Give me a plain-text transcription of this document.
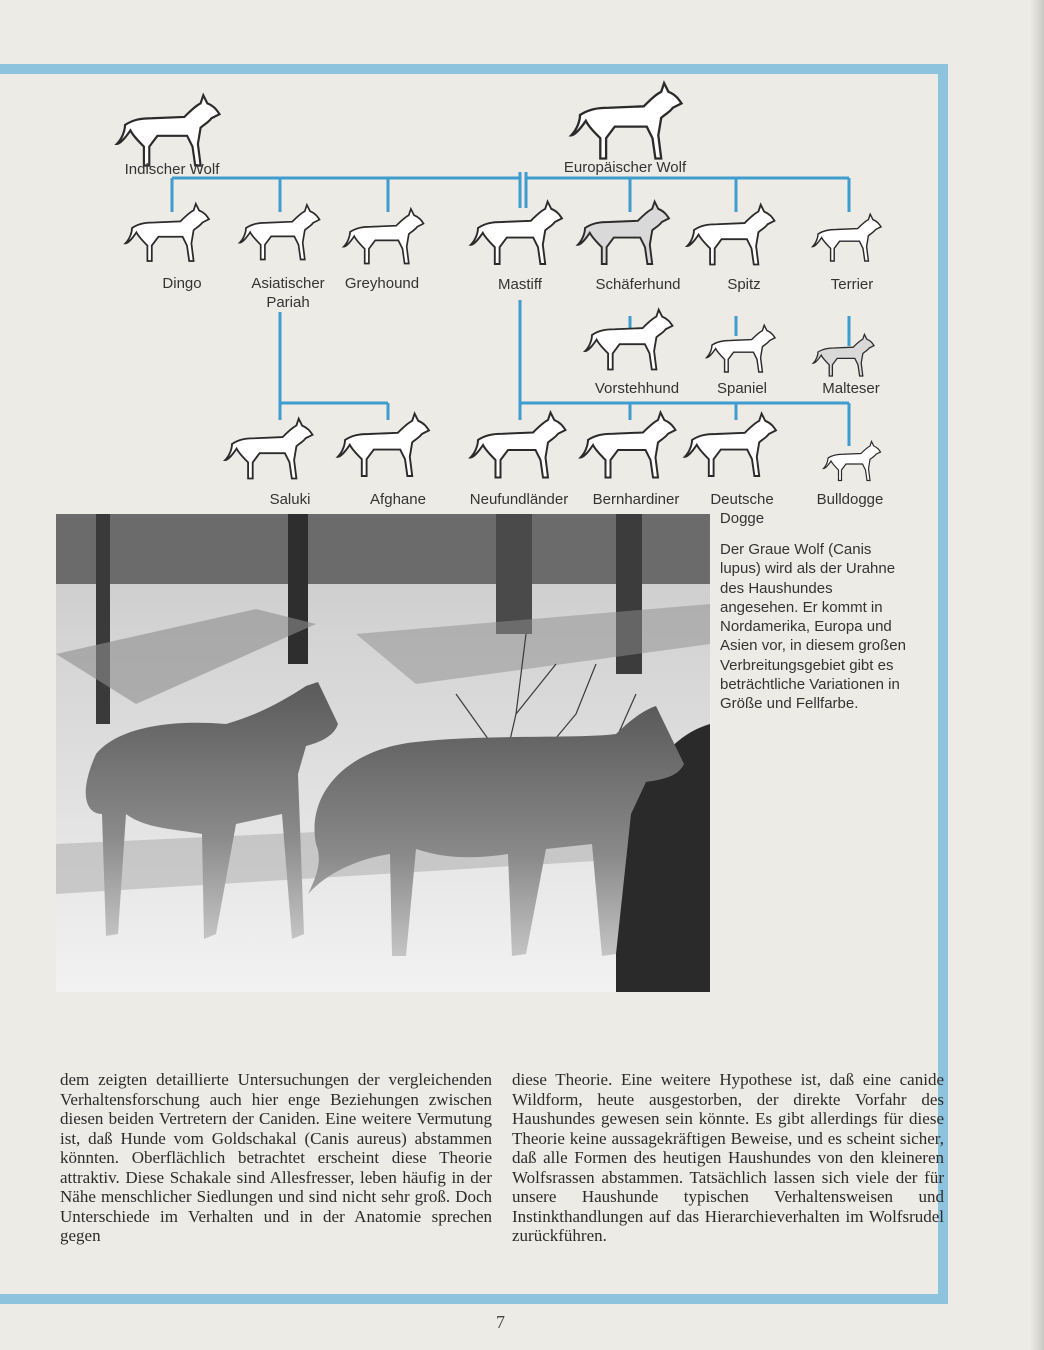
Indischer Wolf	Europäischer Wolf
Dingo	Asiatischer
Pariah
Greyhound	Mastiff	Schäferhund	Spitz	Terrier
Vorstehhund	Spaniel	Malteser
Saluki	Afghane	Neufundländer Bernhardiner Deutsche
Dogge
Bulldogge
Der Graue Wolf (Canis lupus) wird als der Urahne des Haushundes angesehen. Er kommt in Nordamerika, Europa und Asien vor, in diesem großen Verbreitungsgebiet gibt es beträchtliche Variationen in Größe und Fellfarbe.

dem zeigten detaillierte Untersuchungen der vergleichenden Verhaltensforschung auch hier enge Beziehungen zwischen diesen beiden Vertretern der Caniden. Eine weitere Vermutung ist, daß Hunde vom Goldschakal (Canis aureus) abstammen könnten. Oberflächlich betrachtet erscheint diese Theorie attraktiv. Diese Schakale sind Allesfresser, leben häufig in der Nähe menschlicher Siedlungen und sind nicht sehr groß. Doch Unterschiede im Verhalten und in der Anatomie sprechen gegen

diese Theorie. Eine weitere Hypothese ist, daß eine canide Wildform, heute ausgestorben, der direkte Vorfahr des Haushundes gewesen sein könnte. Es gibt allerdings für diese Theorie keine aussagekräftigen Beweise, und es scheint sicher, daß alle Formen des heutigen Haushundes von den kleineren Wolfsrassen abstammen. Tatsächlich lassen sich viele der für unsere Haushunde typischen Verhaltensweisen und Instinkthandlungen auf das Hierarchieverhalten im Wolfsrudel zurückführen.

7
